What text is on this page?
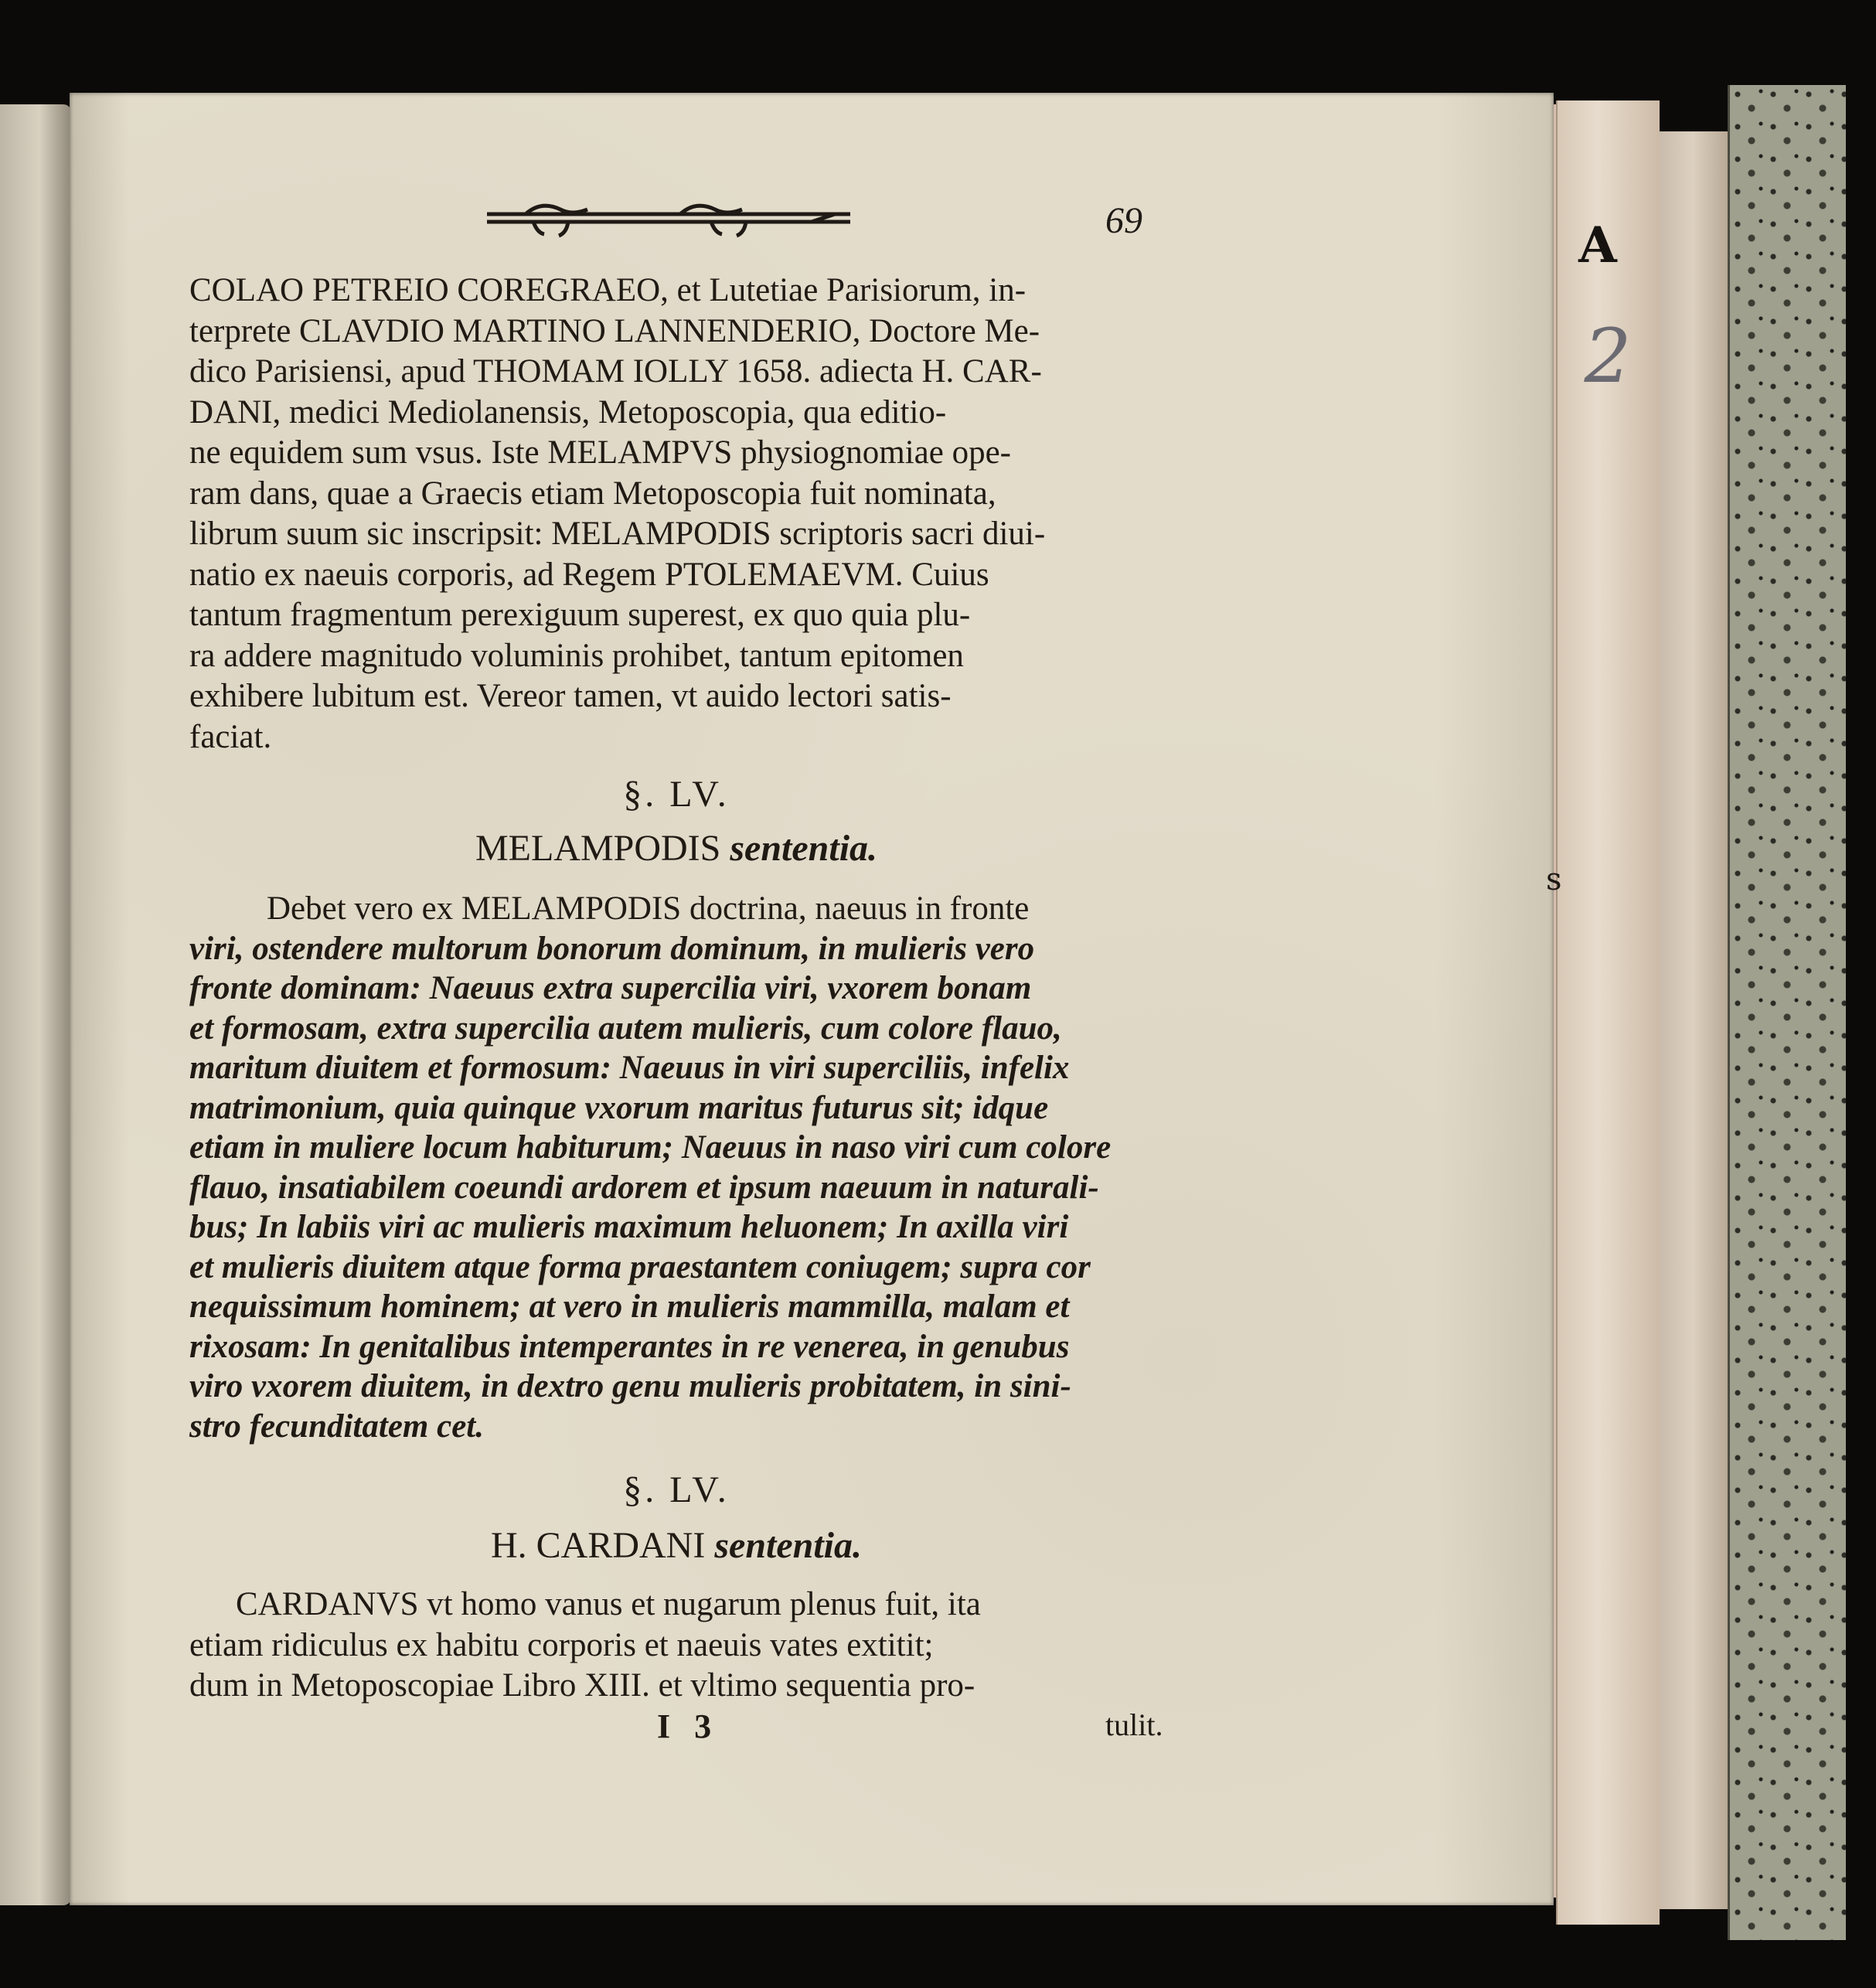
A
2
s
69
COLAO PETREIO COREGRAEO, et Lutetiae Parisiorum, in-
terprete CLAVDIO MARTINO LANNENDERIO, Doctore Me-
dico Parisiensi, apud THOMAM IOLLY 1658. adiecta H. CAR-
DANI, medici Mediolanensis, Metoposcopia, qua editio-
ne equidem sum vsus. Iste MELAMPVS physiognomiae ope-
ram dans, quae a Graecis etiam Metoposcopia fuit nominata,
librum suum sic inscripsit: MELAMPODIS scriptoris sacri diui-
natio ex naeuis corporis, ad Regem PTOLEMAEVM. Cuius
tantum fragmentum perexiguum superest, ex quo quia plu-
ra addere magnitudo voluminis prohibet, tantum epitomen
exhibere lubitum est. Vereor tamen, vt auido lectori satis-
faciat.
§. LV.
MELAMPODIS sententia.
Debet vero ex MELAMPODIS doctrina, naeuus in fronte
viri, ostendere multorum bonorum dominum, in mulieris vero
fronte dominam: Naeuus extra supercilia viri, vxorem bonam
et formosam, extra supercilia autem mulieris, cum colore flauo,
maritum diuitem et formosum: Naeuus in viri superciliis, infelix
matrimonium, quia quinque vxorum maritus futurus sit; idque
etiam in muliere locum habiturum; Naeuus in naso viri cum colore
flauo, insatiabilem coeundi ardorem et ipsum naeuum in naturali-
bus; In labiis viri ac mulieris maximum heluonem; In axilla viri
et mulieris diuitem atque forma praestantem coniugem; supra cor
nequissimum hominem; at vero in mulieris mammilla, malam et
rixosam: In genitalibus intemperantes in re venerea, in genubus
viro vxorem diuitem, in dextro genu mulieris probitatem, in sini-
stro fecunditatem cet.
§. LV.
H. CARDANI sententia.
CARDANVS vt homo vanus et nugarum plenus fuit, ita
etiam ridiculus ex habitu corporis et naeuis vates extitit;
dum in Metoposcopiae Libro XIII. et vltimo sequentia pro-
I 3	tulit.
